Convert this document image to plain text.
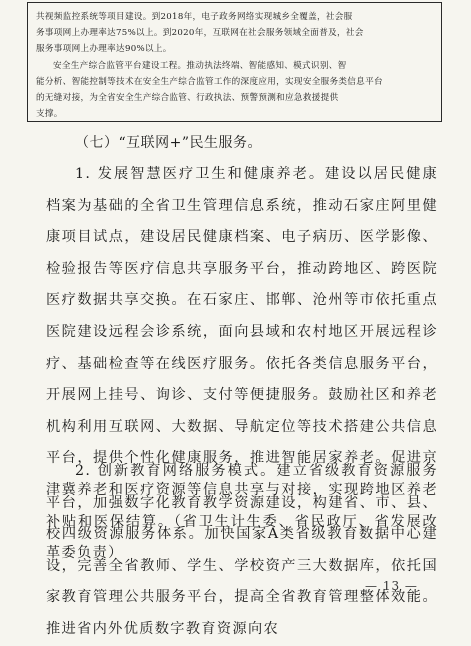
共视频监控系统等项目建设。到2018年，电子政务网络实现城乡全覆盖，社会服

务事项网上办理率达75%以上。到2020年，互联网在社会服务领域全面普及，社会

服务事项网上办理率达90%以上。

安全生产综合监管平台建设工程。推动执法终端、智能感知、模式识别、智

能分析、智能控制等技术在安全生产综合监管工作的深度应用，实现安全服务类信息平台

的无缝对接，为全省安全生产综合监管、行政执法、预警预测和应急救援提供

支撑。

（七）“互联网+”民生服务。

1. 发展智慧医疗卫生和健康养老。建设以居民健康档案为基础的全省卫生管理信息系统，推动石家庄阿里健康项目试点，建设居民健康档案、电子病历、医学影像、检验报告等医疗信息共享服务平台，推动跨地区、跨医院医疗数据共享交换。在石家庄、邯郸、沧州等市依托重点医院建设远程会诊系统，面向县域和农村地区开展远程诊疗、基础检查等在线医疗服务。依托各类信息服务平台，开展网上挂号、询诊、支付等便捷服务。鼓励社区和养老机构利用互联网、大数据、导航定位等技术搭建公共信息平台，提供个性化健康服务，推进智能居家养老。促进京津冀养老和医疗资源等信息共享与对接，实现跨地区养老补贴和医保结算。（省卫生计生委、省民政厅、省发展改革委负责）

2. 创新教育网络服务模式。建立省级教育资源服务平台，加强数字化教育教学资源建设，构建省、市、县、校四级资源服务体系。加快国家A类省级教育数据中心建设，完善全省教师、学生、学校资产三大数据库，依托国家教育管理公共服务平台，提高全省教育管理整体效能。推进省内外优质数字教育资源向农

— 13 —
